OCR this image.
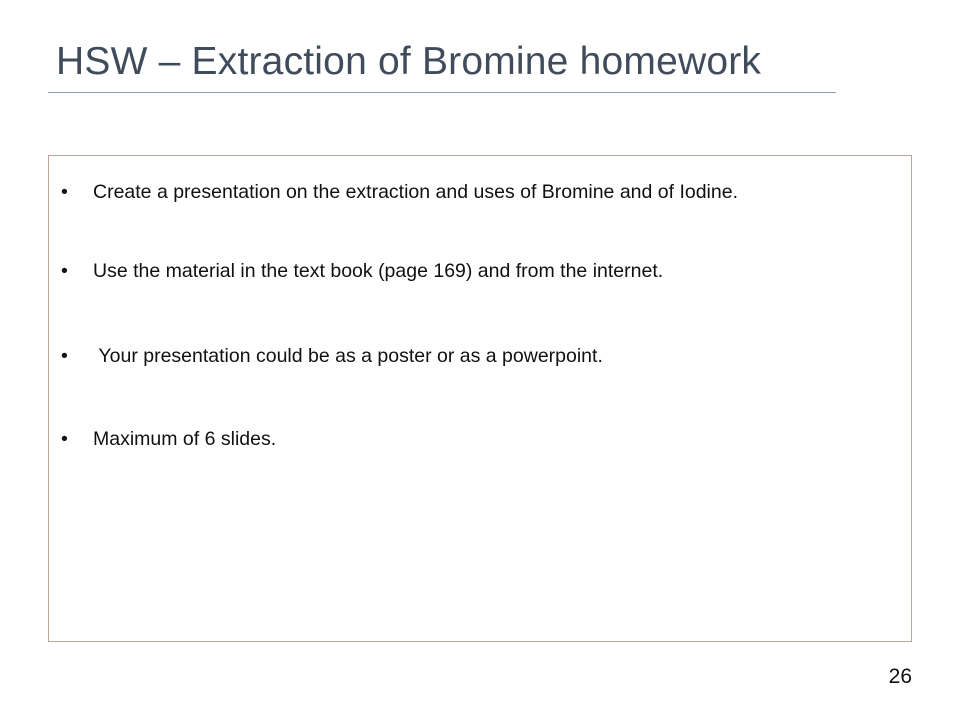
HSW – Extraction of Bromine homework
•	Create a presentation on the extraction and uses of Bromine and of Iodine.
•	Use the material in the text book (page 169) and from the internet.
•	Your presentation could be as a poster or as a powerpoint.
•	Maximum of 6 slides.
26
